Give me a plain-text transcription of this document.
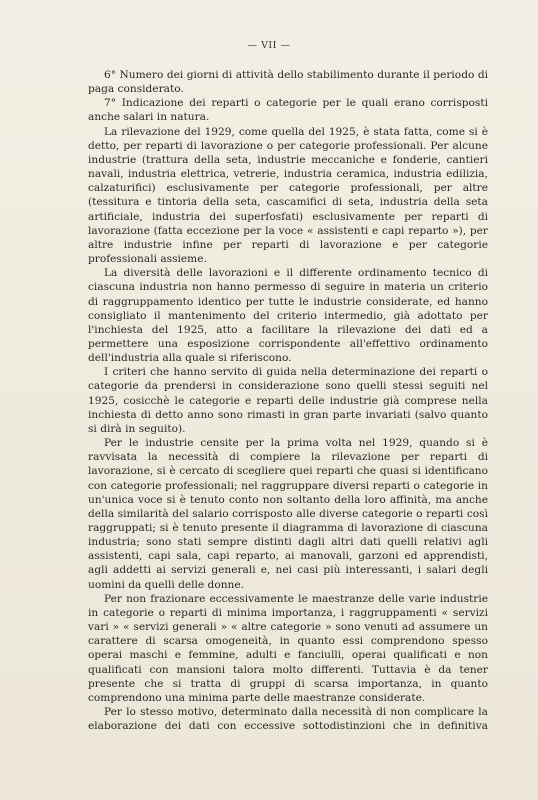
— VII —

6° Numero dei giorni di attività dello stabilimento durante il periodo di paga considerato.

7° Indicazione dei reparti o categorie per le quali erano corrisposti anche salari in natura.

La rilevazione del 1929, come quella del 1925, è stata fatta, come si è detto, per reparti di lavorazione o per categorie professionali. Per alcune industrie (trattura della seta, industrie meccaniche e fonderie, cantieri navali, industria elettrica, vetrerie, industria ceramica, industria edilizia, calzaturifici) esclusivamente per categorie professionali, per altre (tessitura e tintoria della seta, cascamifici di seta, industria della seta artificiale, industria dei superfosfati) esclusivamente per reparti di lavorazione (fatta eccezione per la voce « assistenti e capi reparto »), per altre industrie infine per reparti di lavorazione e per categorie professionali assieme.

La diversità delle lavorazioni e il differente ordinamento tecnico di ciascuna industria non hanno permesso di seguire in materia un criterio di raggruppamento identico per tutte le industrie considerate, ed hanno consigliato il mantenimento del criterio intermedio, già adottato per l'inchiesta del 1925, atto a facilitare la rilevazione dei dati ed a permettere una esposizione corrispondente all'effettivo ordinamento dell'industria alla quale si riferiscono.

I criteri che hanno servito di guida nella determinazione dei reparti o categorie da prendersi in considerazione sono quelli stessi seguiti nel 1925, cosicchè le categorie e reparti delle industrie già comprese nella inchiesta di detto anno sono rimasti in gran parte invariati (salvo quanto si dirà in seguito).

Per le industrie censite per la prima volta nel 1929, quando si è ravvisata la necessità di compiere la rilevazione per reparti di lavorazione, si è cercato di scegliere quei reparti che quasi si identificano con categorie professionali; nel raggruppare diversi reparti o categorie in un'unica voce si è tenuto conto non soltanto della loro affinità, ma anche della similarità del salario corrisposto alle diverse categorie o reparti così raggruppati; si è tenuto presente il diagramma di lavorazione di ciascuna industria; sono stati sempre distinti dagli altri dati quelli relativi agli assistenti, capi sala, capi reparto, ai manovali, garzoni ed apprendisti, agli addetti ai servizi generali e, nei casi più interessanti, i salari degli uomini da quelli delle donne.

Per non frazionare eccessivamente le maestranze delle varie industrie in categorie o reparti di minima importanza, i raggruppamenti « servizi vari » « servizi generali » « altre categorie » sono venuti ad assumere un carattere di scarsa omogeneità, in quanto essi comprendono spesso operai maschi e femmine, adulti e fanciulli, operai qualificati e non qualificati con mansioni talora molto differenti. Tuttavia è da tener presente che si tratta di gruppi di scarsa importanza, in quanto comprendono una minima parte delle maestranze considerate.

Per lo stesso motivo, determinato dalla necessità di non complicare la elaborazione dei dati con eccessive sottodistinzioni che in definitiva
